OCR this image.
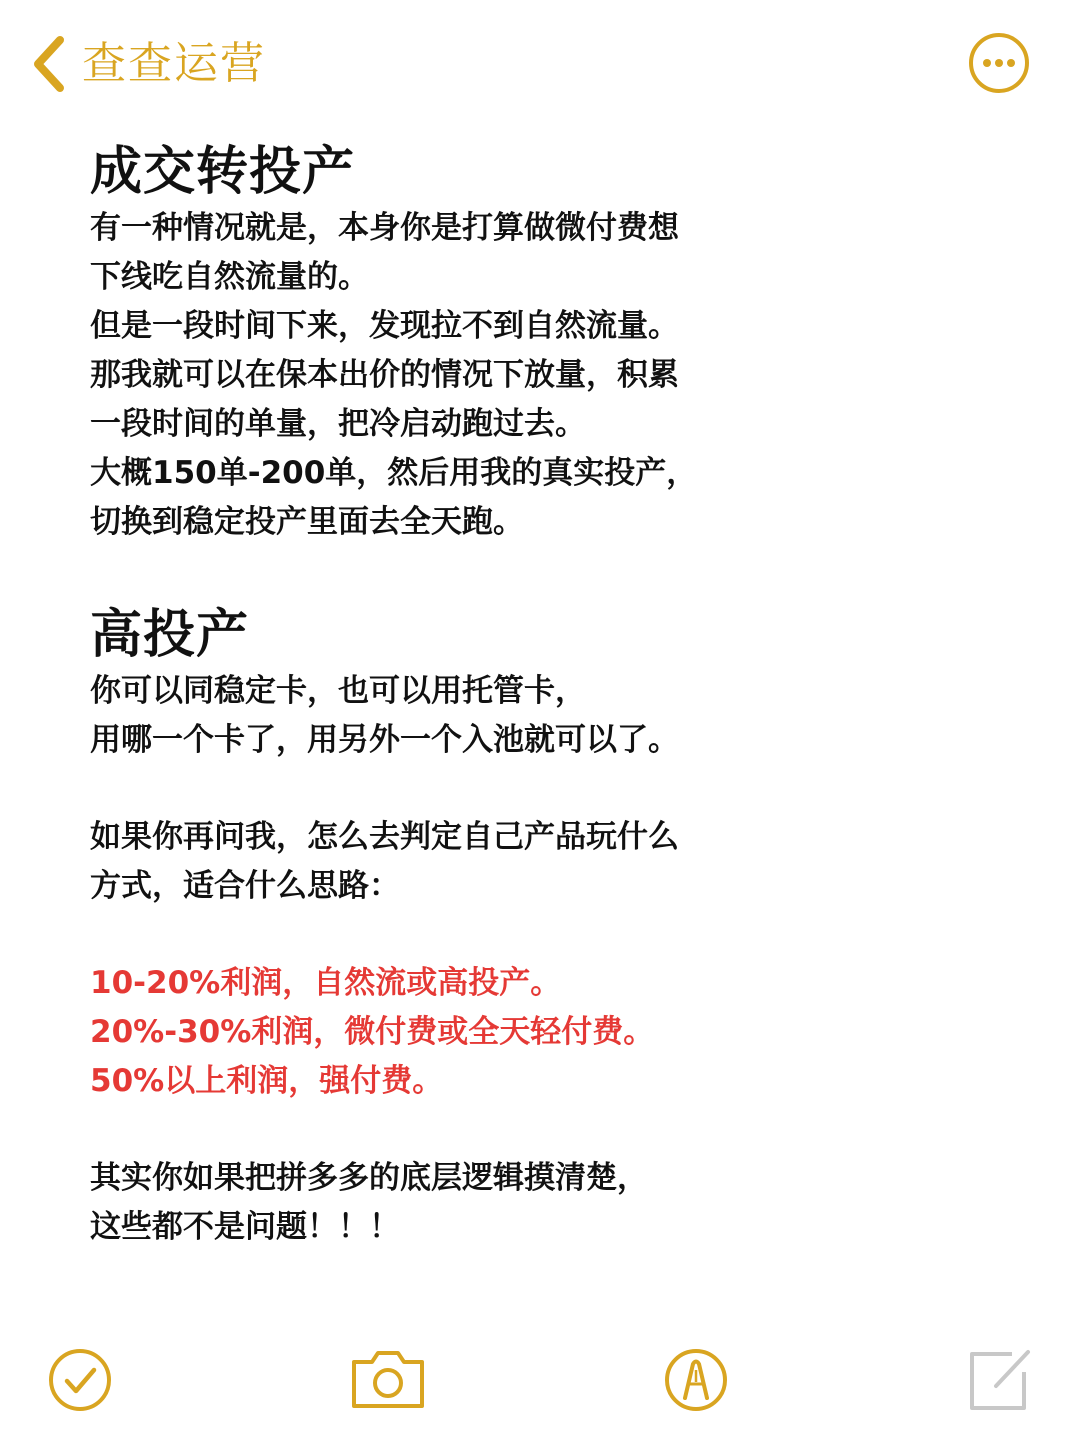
查查运营
成交转投产

有一种情况就是，本身你是打算做微付费想

下线吃自然流量的。

但是一段时间下来，发现拉不到自然流量。

那我就可以在保本出价的情况下放量，积累

一段时间的单量，把冷启动跑过去。

大概150单-200单，然后用我的真实投产，

切换到稳定投产里面去全天跑。

高投产

你可以同稳定卡，也可以用托管卡，

用哪一个卡了，用另外一个入池就可以了。

如果你再问我，怎么去判定自己产品玩什么

方式，适合什么思路：

10-20%利润，自然流或高投产。

20%-30%利润，微付费或全天轻付费。

50%以上利润，强付费。

其实你如果把拼多多的底层逻辑摸清楚，

这些都不是问题！！！
